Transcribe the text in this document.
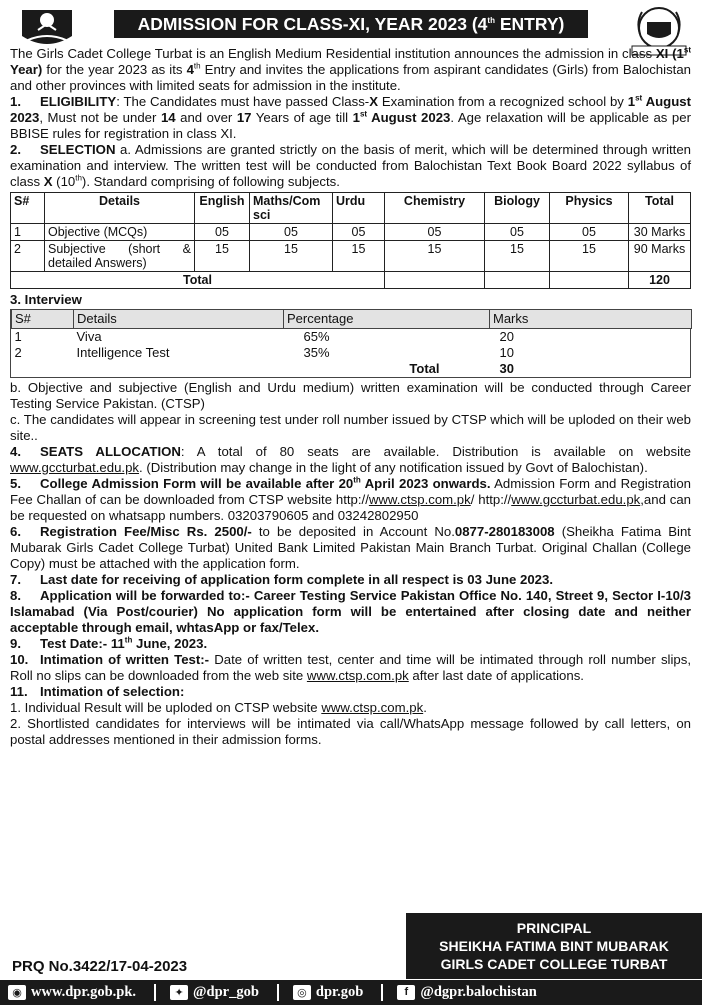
ADMISSION FOR CLASS-XI, YEAR 2023 (4th ENTRY)

The Girls Cadet College Turbat is an English Medium Residential institution announces the admission in class XI (1st Year) for the year 2023 as its 4th Entry and invites the applications from aspirant candidates (Girls) from Balochistan and other provinces with limited seats for admission in the institute.

1. ELIGIBILITY: The Candidates must have passed Class-X Examination from a recognized school by 1st August 2023, Must not be under 14 and over 17 Years of age till 1st August 2023. Age relaxation will be applicable as per BBISE rules for registration in class XI.

2. SELECTION a. Admissions are granted strictly on the basis of merit, which will be determined through written examination and interview. The written test will be conducted from Balochistan Text Book Board 2022 syllabus of class X (10th). Standard comprising of following subjects.

S#	Details	English	Maths/Com sci	Urdu	Chemistry	Biology	Physics	Total
1	Objective (MCQs)	05	05	05	05	05	05	30 Marks
2	Subjective (short & detailed Answers)	15	15	15	15	15	15	90 Marks
Total								120
3. Interview
S#	Details	Percentage	Marks
1	Viva	65%	20
2	Intelligence Test	35%	10
		Total	30

b. Objective and subjective (English and Urdu medium) written examination will be conducted through Career Testing Service Pakistan. (CTSP)

c. The candidates will appear in screening test under roll number issued by CTSP which will be uploded on their web site..

4. SEATS ALLOCATION: A total of 80 seats are available. Distribution is available on website www.gccturbat.edu.pk. (Distribution may change in the light of any notification issued by Govt of Balochistan).

5. College Admission Form will be available after 20th April 2023 onwards. Admission Form and Registration Fee Challan of can be downloaded from CTSP website http://www.ctsp.com.pk/ http://www.gccturbat.edu.pk,and can be requested on whatsapp numbers. 03203790605 and 03242802950

6. Registration Fee/Misc Rs. 2500/- to be deposited in Account No.0877-280183008 (Sheikha Fatima Bint Mubarak Girls Cadet College Turbat) United Bank Limited Pakistan Main Branch Turbat. Original Challan (College Copy) must be attached with the application form.

7. Last date for receiving of application form complete in all respect is 03 June 2023.

8. Application will be forwarded to:- Career Testing Service Pakistan Office No. 140, Street 9, Sector I-10/3 Islamabad (Via Post/courier) No application form will be entertained after closing date and neither acceptable through email, whtasApp or fax/Telex.

9. Test Date:- 11th June, 2023.

10. Intimation of written Test:- Date of written test, center and time will be intimated through roll number slips, Roll no slips can be downloaded from the web site www.ctsp.com.pk after last date of applications.

11. Intimation of selection:

1. Individual Result will be uploded on CTSP website www.ctsp.com.pk.

2. Shortlisted candidates for interviews will be intimated via call/WhatsApp message followed by call letters, on postal addresses mentioned in their admission forms.

PRINCIPAL
SHEIKHA FATIMA BINT MUBARAK
GIRLS CADET COLLEGE TURBAT
PRQ No.3422/17-04-2023
◉ www.dpr.gob.pk.	✦ @dpr_gob	◎ dpr.gob	f @dgpr.balochistan
